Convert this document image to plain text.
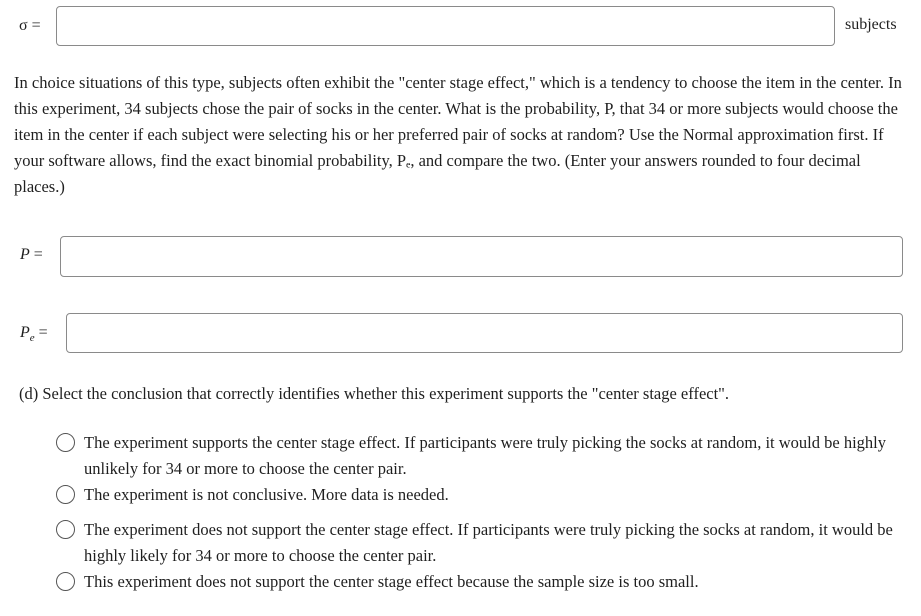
σ =	subjects

In choice situations of this type, subjects often exhibit the "center stage effect," which is a tendency to choose the item in the center. In this experiment, 34 subjects chose the pair of socks in the center. What is the probability, P, that 34 or more subjects would choose the item in the center if each subject were selecting his or her preferred pair of socks at random? Use the Normal approximation first. If your software allows, find the exact binomial probability, Pₑ, and compare the two. (Enter your answers rounded to four decimal places.)

P =
$P_e$ =
(d) Select the conclusion that correctly identifies whether this experiment supports the "center stage effect".
The experiment supports the center stage effect. If participants were truly picking the socks at random, it would be highly unlikely for 34 or more to choose the center pair.
The experiment is not conclusive. More data is needed.
The experiment does not support the center stage effect. If participants were truly picking the socks at random, it would be highly likely for 34 or more to choose the center pair.
This experiment does not support the center stage effect because the sample size is too small.
